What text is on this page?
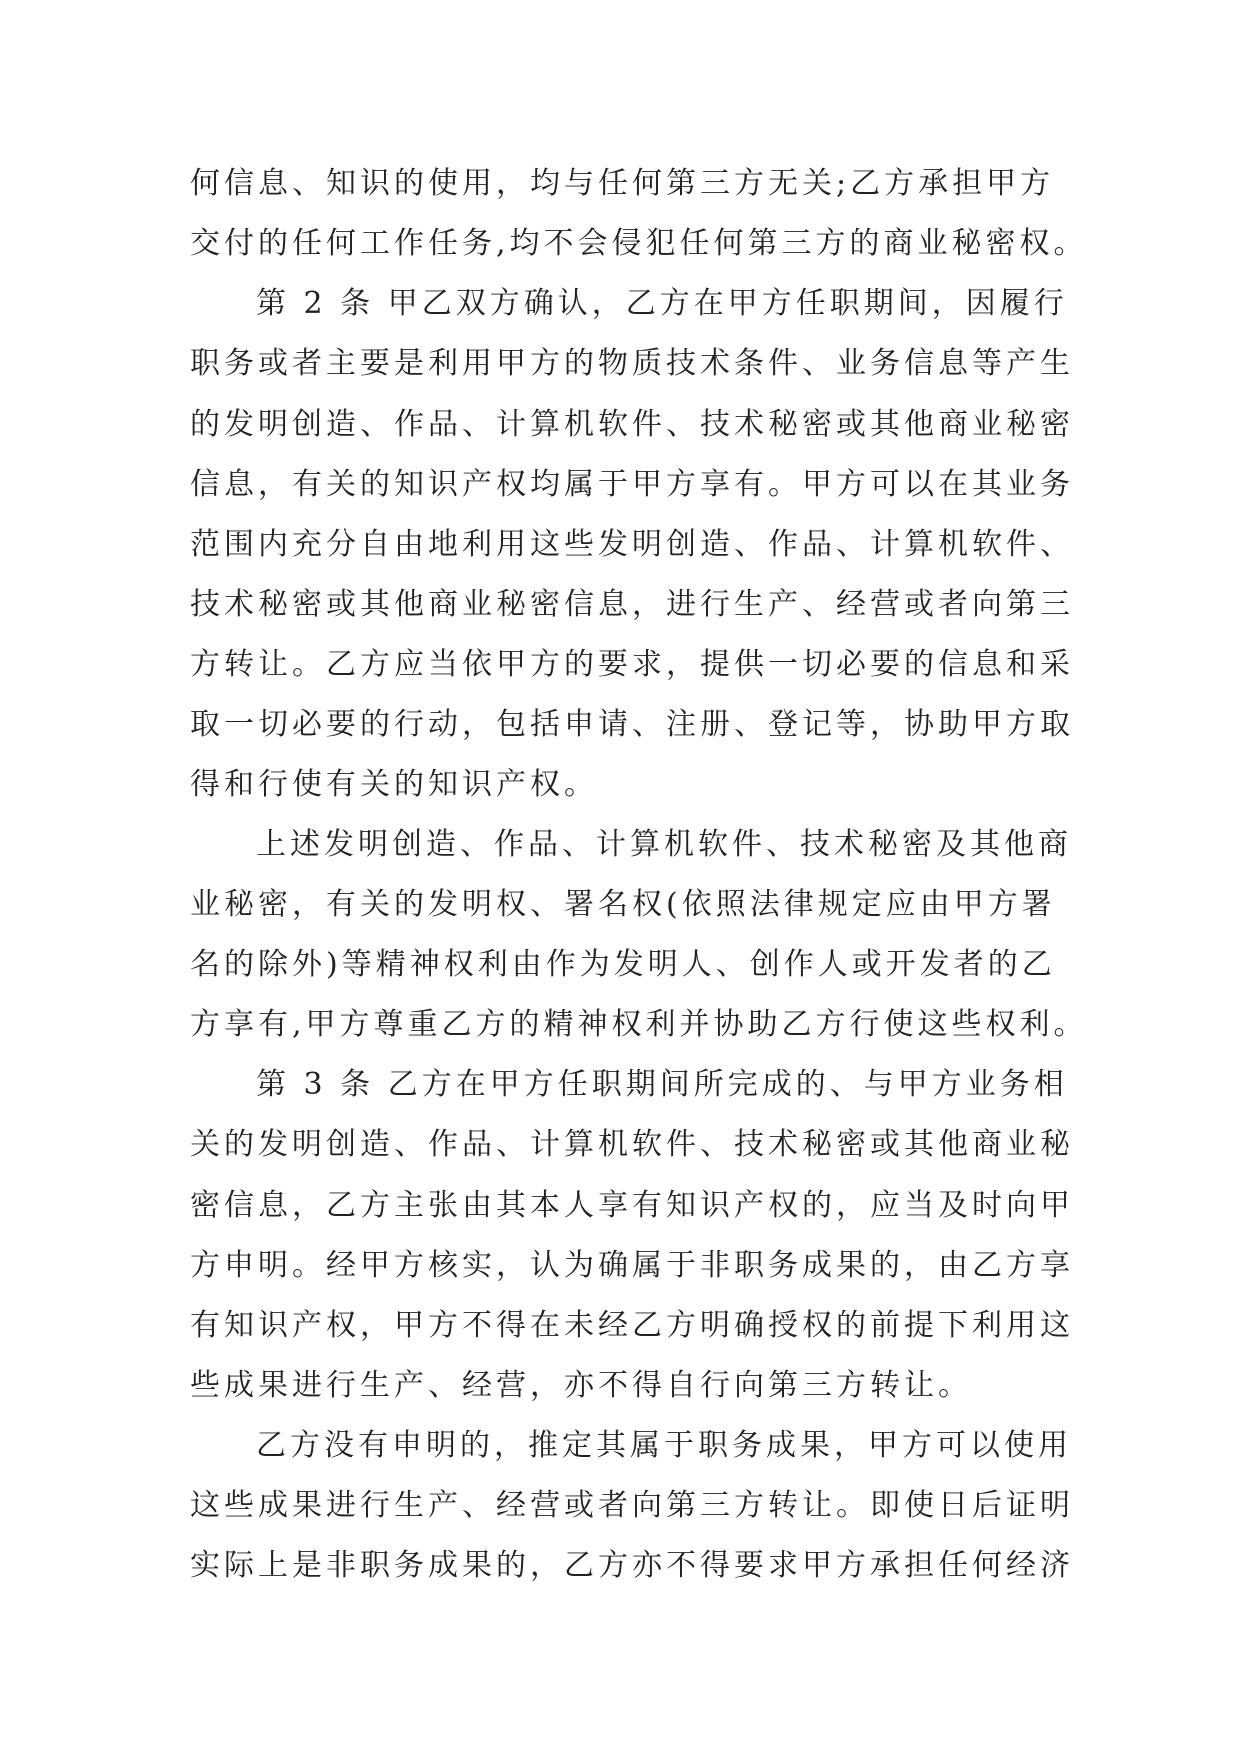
何信息、知识的使用，均与任何第三方无关;乙方承担甲方
交付的任何工作任务,均不会侵犯任何第三方的商业秘密权。
第 2 条 甲乙双方确认，乙方在甲方任职期间，因履行
职务或者主要是利用甲方的物质技术条件、业务信息等产生
的发明创造、作品、计算机软件、技术秘密或其他商业秘密
信息，有关的知识产权均属于甲方享有。甲方可以在其业务
范围内充分自由地利用这些发明创造、作品、计算机软件、
技术秘密或其他商业秘密信息，进行生产、经营或者向第三
方转让。乙方应当依甲方的要求，提供一切必要的信息和采
取一切必要的行动，包括申请、注册、登记等，协助甲方取
得和行使有关的知识产权。
上述发明创造、作品、计算机软件、技术秘密及其他商
业秘密，有关的发明权、署名权(依照法律规定应由甲方署
名的除外)等精神权利由作为发明人、创作人或开发者的乙
方享有,甲方尊重乙方的精神权利并协助乙方行使这些权利。
第 3 条 乙方在甲方任职期间所完成的、与甲方业务相
关的发明创造、作品、计算机软件、技术秘密或其他商业秘
密信息，乙方主张由其本人享有知识产权的，应当及时向甲
方申明。经甲方核实，认为确属于非职务成果的，由乙方享
有知识产权，甲方不得在未经乙方明确授权的前提下利用这
些成果进行生产、经营，亦不得自行向第三方转让。
乙方没有申明的，推定其属于职务成果，甲方可以使用
这些成果进行生产、经营或者向第三方转让。即使日后证明
实际上是非职务成果的，乙方亦不得要求甲方承担任何经济
